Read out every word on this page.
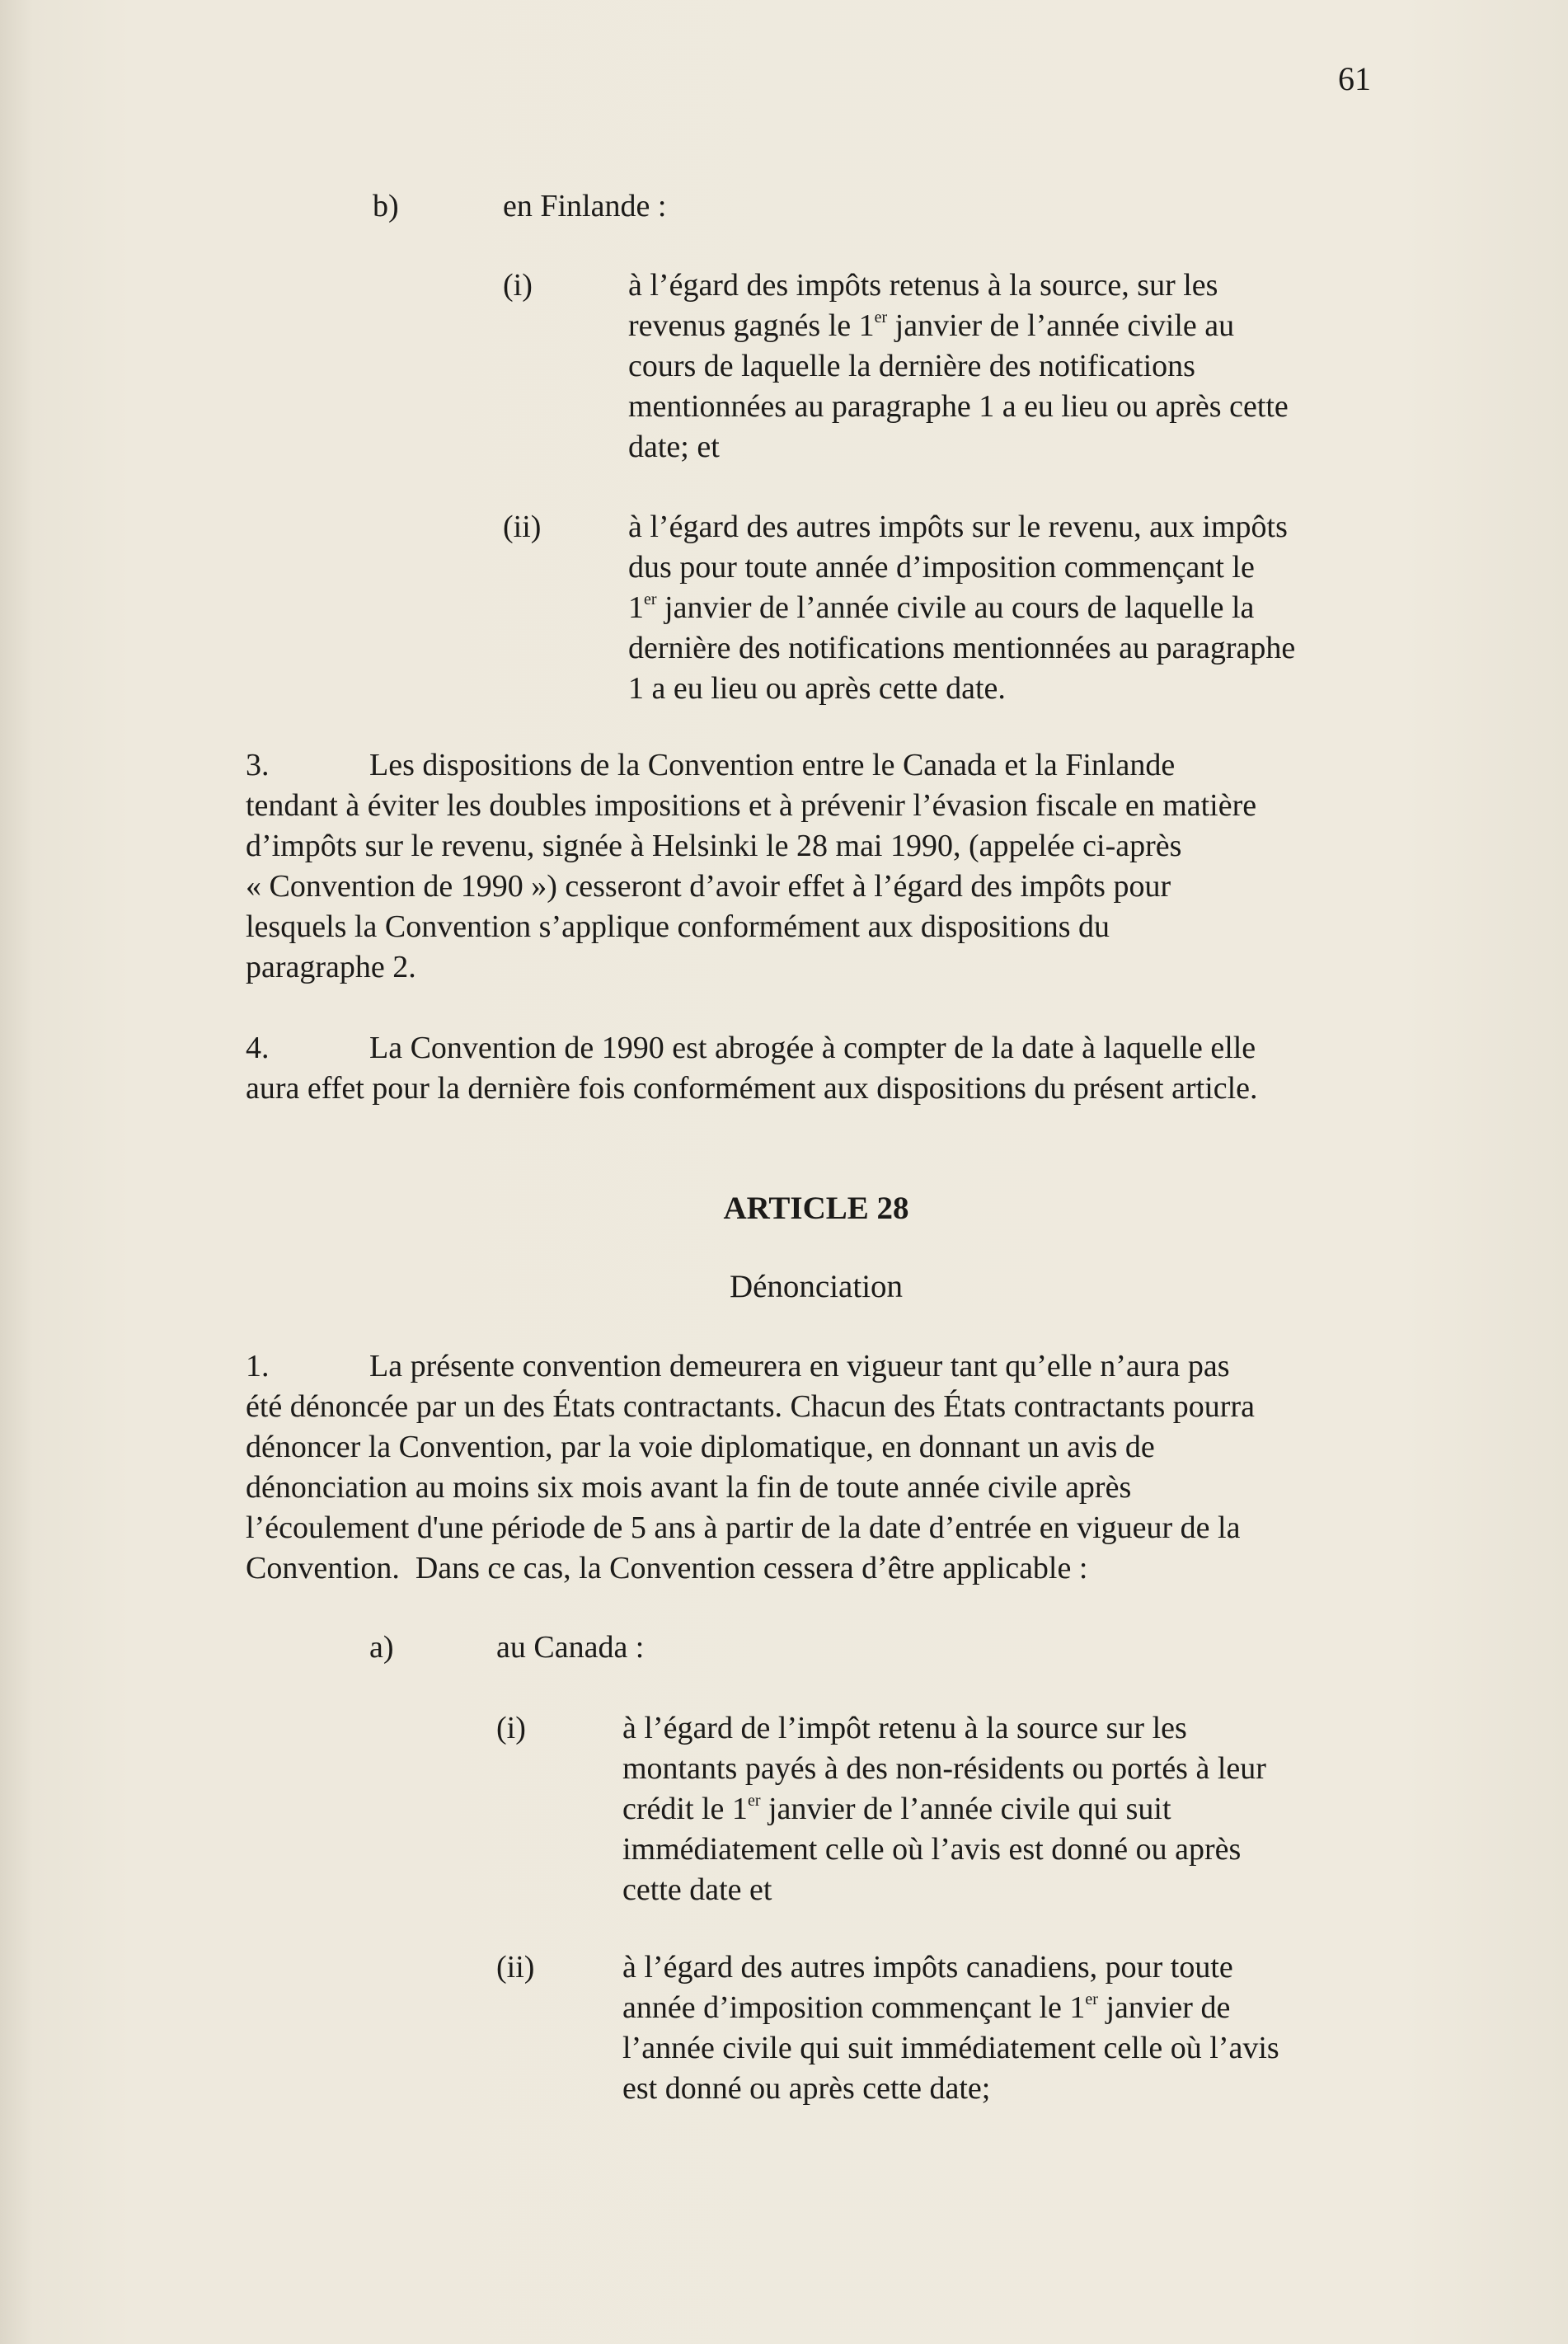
61
b)	en Finlande :
(i)	à l’égard des impôts retenus à la source, sur les

revenus gagnés le 1er janvier de l’année civile au

cours de laquelle la dernière des notifications

mentionnées au paragraphe 1 a eu lieu ou après cette

date; et

(ii)	à l’égard des autres impôts sur le revenu, aux impôts

dus pour toute année d’imposition commençant le

1er janvier de l’année civile au cours de laquelle la

dernière des notifications mentionnées au paragraphe

1 a eu lieu ou après cette date.

3.	Les dispositions de la Convention entre le Canada et la Finlande

tendant à éviter les doubles impositions et à prévenir l’évasion fiscale en matière

d’impôts sur le revenu, signée à Helsinki le 28 mai 1990, (appelée ci-après

« Convention de 1990 ») cesseront d’avoir effet à l’égard des impôts pour

lesquels la Convention s’applique conformément aux dispositions du

paragraphe 2.

4.	La Convention de 1990 est abrogée à compter de la date à laquelle elle

aura effet pour la dernière fois conformément aux dispositions du présent article.

ARTICLE 28
Dénonciation
1.	La présente convention demeurera en vigueur tant qu’elle n’aura pas

été dénoncée par un des États contractants. Chacun des États contractants pourra

dénoncer la Convention, par la voie diplomatique, en donnant un avis de

dénonciation au moins six mois avant la fin de toute année civile après

l’écoulement d'une période de 5 ans à partir de la date d’entrée en vigueur de la

Convention.  Dans ce cas, la Convention cessera d’être applicable :

a)	au Canada :
(i)	à l’égard de l’impôt retenu à la source sur les

montants payés à des non-résidents ou portés à leur

crédit le 1er janvier de l’année civile qui suit

immédiatement celle où l’avis est donné ou après

cette date et

(ii)	à l’égard des autres impôts canadiens, pour toute

année d’imposition commençant le 1er janvier de

l’année civile qui suit immédiatement celle où l’avis

est donné ou après cette date;
